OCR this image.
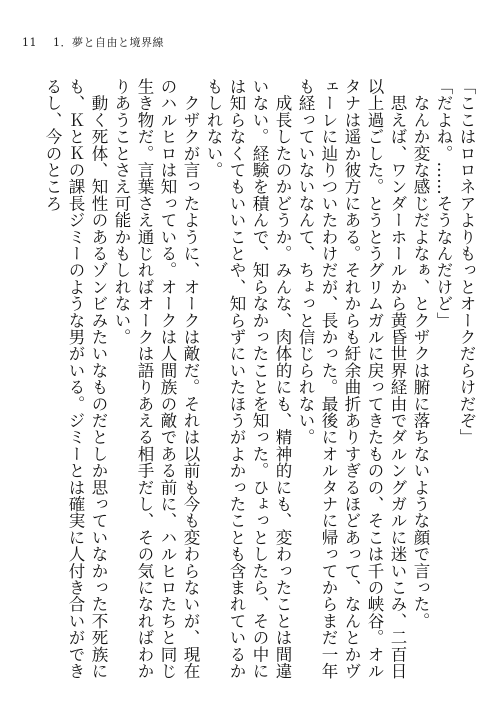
11 1．夢と自由と境界線

「ここはロロネアよりもっとオークだらけだぞ」

「だよね。……そうなんだけど」

　なんか変な感じだよなぁ、とクザクは腑に落ちないような顔で言った。

　思えば、ワンダーホールから黄昏世界経由でダルングガルに迷いこみ、二百日以上過ごした。とうとうグリムガルに戻ってきたものの、そこは千の峡谷。オルタナは遥か彼方にある。それからも紆余曲折ありすぎるほどあって、なんとかヴェーレに辿りついたわけだが、長かった。最後にオルタナに帰ってからまだ一年も経っていないなんて、ちょっと信じられない。

　成長したのかどうか。みんな、肉体的にも、精神的にも、変わったことは間違いない。経験を積んで、知らなかったことを知った。ひょっとしたら、その中には知らなくてもいいことや、知らずにいたほうがよかったことも含まれているかもしれない。

　クザクが言ったように、オークは敵だ。それは以前も今も変わらないが、現在のハルヒロは知っている。オークは人間族の敵である前に、ハルヒロたちと同じ生き物だ。言葉さえ通じればオークは語りあえる相手だし、その気になればわかりあうことさえ可能かもしれない。

　動く死体、知性のあるゾンビみたいなものだとしか思っていなかった不死族にも、ＫとＫの課長ジミーのような男がいる。ジミーとは確実に人付き合いができるし、今のところ
